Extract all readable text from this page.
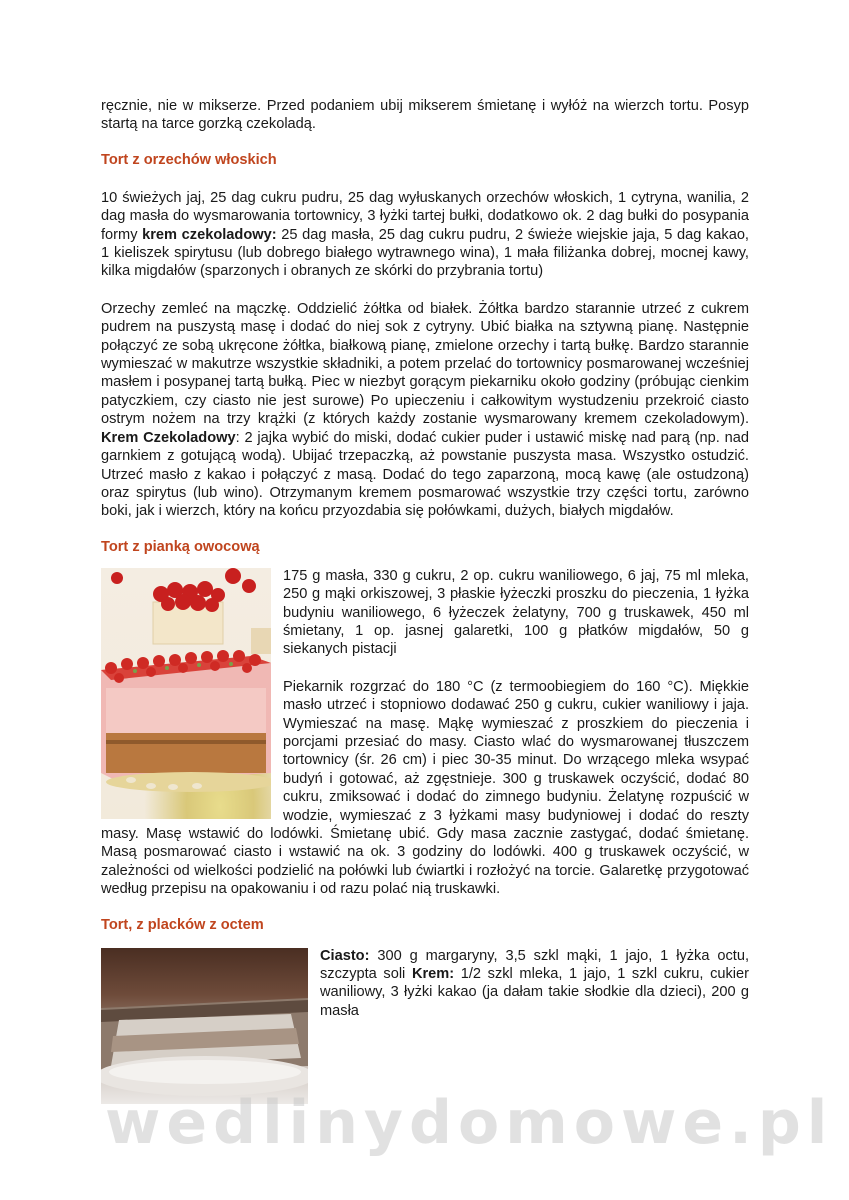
ręcznie, nie w mikserze. Przed podaniem ubij mikserem śmietanę i wyłóż na wierzch tortu. Posyp startą na tarce gorzką czekoladą.

Tort z orzechów włoskich

10 świeżych jaj, 25 dag cukru pudru, 25 dag wyłuskanych orzechów włoskich, 1 cytryna, wanilia, 2 dag masła do wysmarowania tortownicy, 3 łyżki tartej bułki, dodatkowo ok. 2 dag bułki do posypania formy krem czekoladowy: 25 dag masła, 25 dag cukru pudru, 2 świeże wiejskie jaja, 5 dag kakao, 1 kieliszek spirytusu (lub dobrego białego wytrawnego wina), 1 mała filiżanka dobrej, mocnej kawy, kilka migdałów (sparzonych i obranych ze skórki do przybrania tortu)

Orzechy zemleć na mączkę. Oddzielić żółtka od białek. Żółtka bardzo starannie utrzeć z cukrem pudrem na puszystą masę i dodać do niej sok z cytryny. Ubić białka na sztywną pianę. Następnie połączyć ze sobą ukręcone żółtka, białkową pianę, zmielone orzechy i tartą bułkę. Bardzo starannie wymieszać w makutrze wszystkie składniki, a potem przelać do tortownicy posmarowanej wcześniej masłem i posypanej tartą bułką. Piec w niezbyt gorącym piekarniku około godziny (próbując cienkim patyczkiem, czy ciasto nie jest surowe) Po upieczeniu i całkowitym wystudzeniu przekroić ciasto ostrym nożem na trzy krążki (z których każdy zostanie wysmarowany kremem czekoladowym). Krem Czekoladowy: 2 jajka wybić do miski, dodać cukier puder i ustawić miskę nad parą (np. nad garnkiem z gotującą wodą). Ubijać trzepaczką, aż powstanie puszysta masa. Wszystko ostudzić. Utrzeć masło z kakao i połączyć z masą. Dodać do tego zaparzoną, mocą kawę (ale ostudzoną) oraz spirytus (lub wino). Otrzymanym kremem posmarować wszystkie trzy części tortu, zarówno boki, jak i wierzch, który na końcu przyozdabia się połówkami, dużych, białych migdałów.

Tort z pianką owocową

175 g masła, 330 g cukru, 2 op. cukru waniliowego, 6 jaj, 75 ml mleka, 250 g mąki orkiszowej, 3 płaskie łyżeczki proszku do pieczenia, 1 łyżka budyniu waniliowego, 6 łyżeczek żelatyny, 700 g truskawek, 450 ml śmietany, 1 op. jasnej galaretki, 100 g płatków migdałów, 50 g siekanych pistacji

Piekarnik rozgrzać do 180 °C (z termoobiegiem do 160 °C). Miękkie masło utrzeć i stopniowo dodawać 250 g cukru, cukier waniliowy i jaja. Wymieszać na masę. Mąkę wymieszać z proszkiem do pieczenia i porcjami przesiać do masy. Ciasto wlać do wysmarowanej tłuszczem tortownicy (śr. 26 cm) i piec 30-35 minut. Do wrzącego mleka wsypać budyń i gotować, aż zgęstnieje. 300 g truskawek oczyścić, dodać 80 cukru, zmiksować i dodać do zimnego budyniu. Żelatynę rozpuścić w wodzie, wymieszać z 3 łyżkami masy budyniowej i dodać do reszty masy. Masę wstawić do lodówki. Śmietanę ubić. Gdy masa zacznie zastygać, dodać śmietanę. Masą posmarować ciasto i wstawić na ok. 3 godziny do lodówki. 400 g truskawek oczyścić, w zależności od wielkości podzielić na połówki lub ćwiartki i rozłożyć na torcie. Galaretkę przygotować według przepisu na opakowaniu i od razu polać nią truskawki.

Tort, z placków z octem

Ciasto: 300 g margaryny, 3,5 szkl mąki, 1 jajo, 1 łyżka octu, szczypta soli Krem: 1/2 szkl mleka, 1 jajo, 1 szkl cukru, cukier waniliowy, 3 łyżki kakao (ja dałam takie słodkie dla dzieci), 200 g masła

wedlinydomowe.pl
